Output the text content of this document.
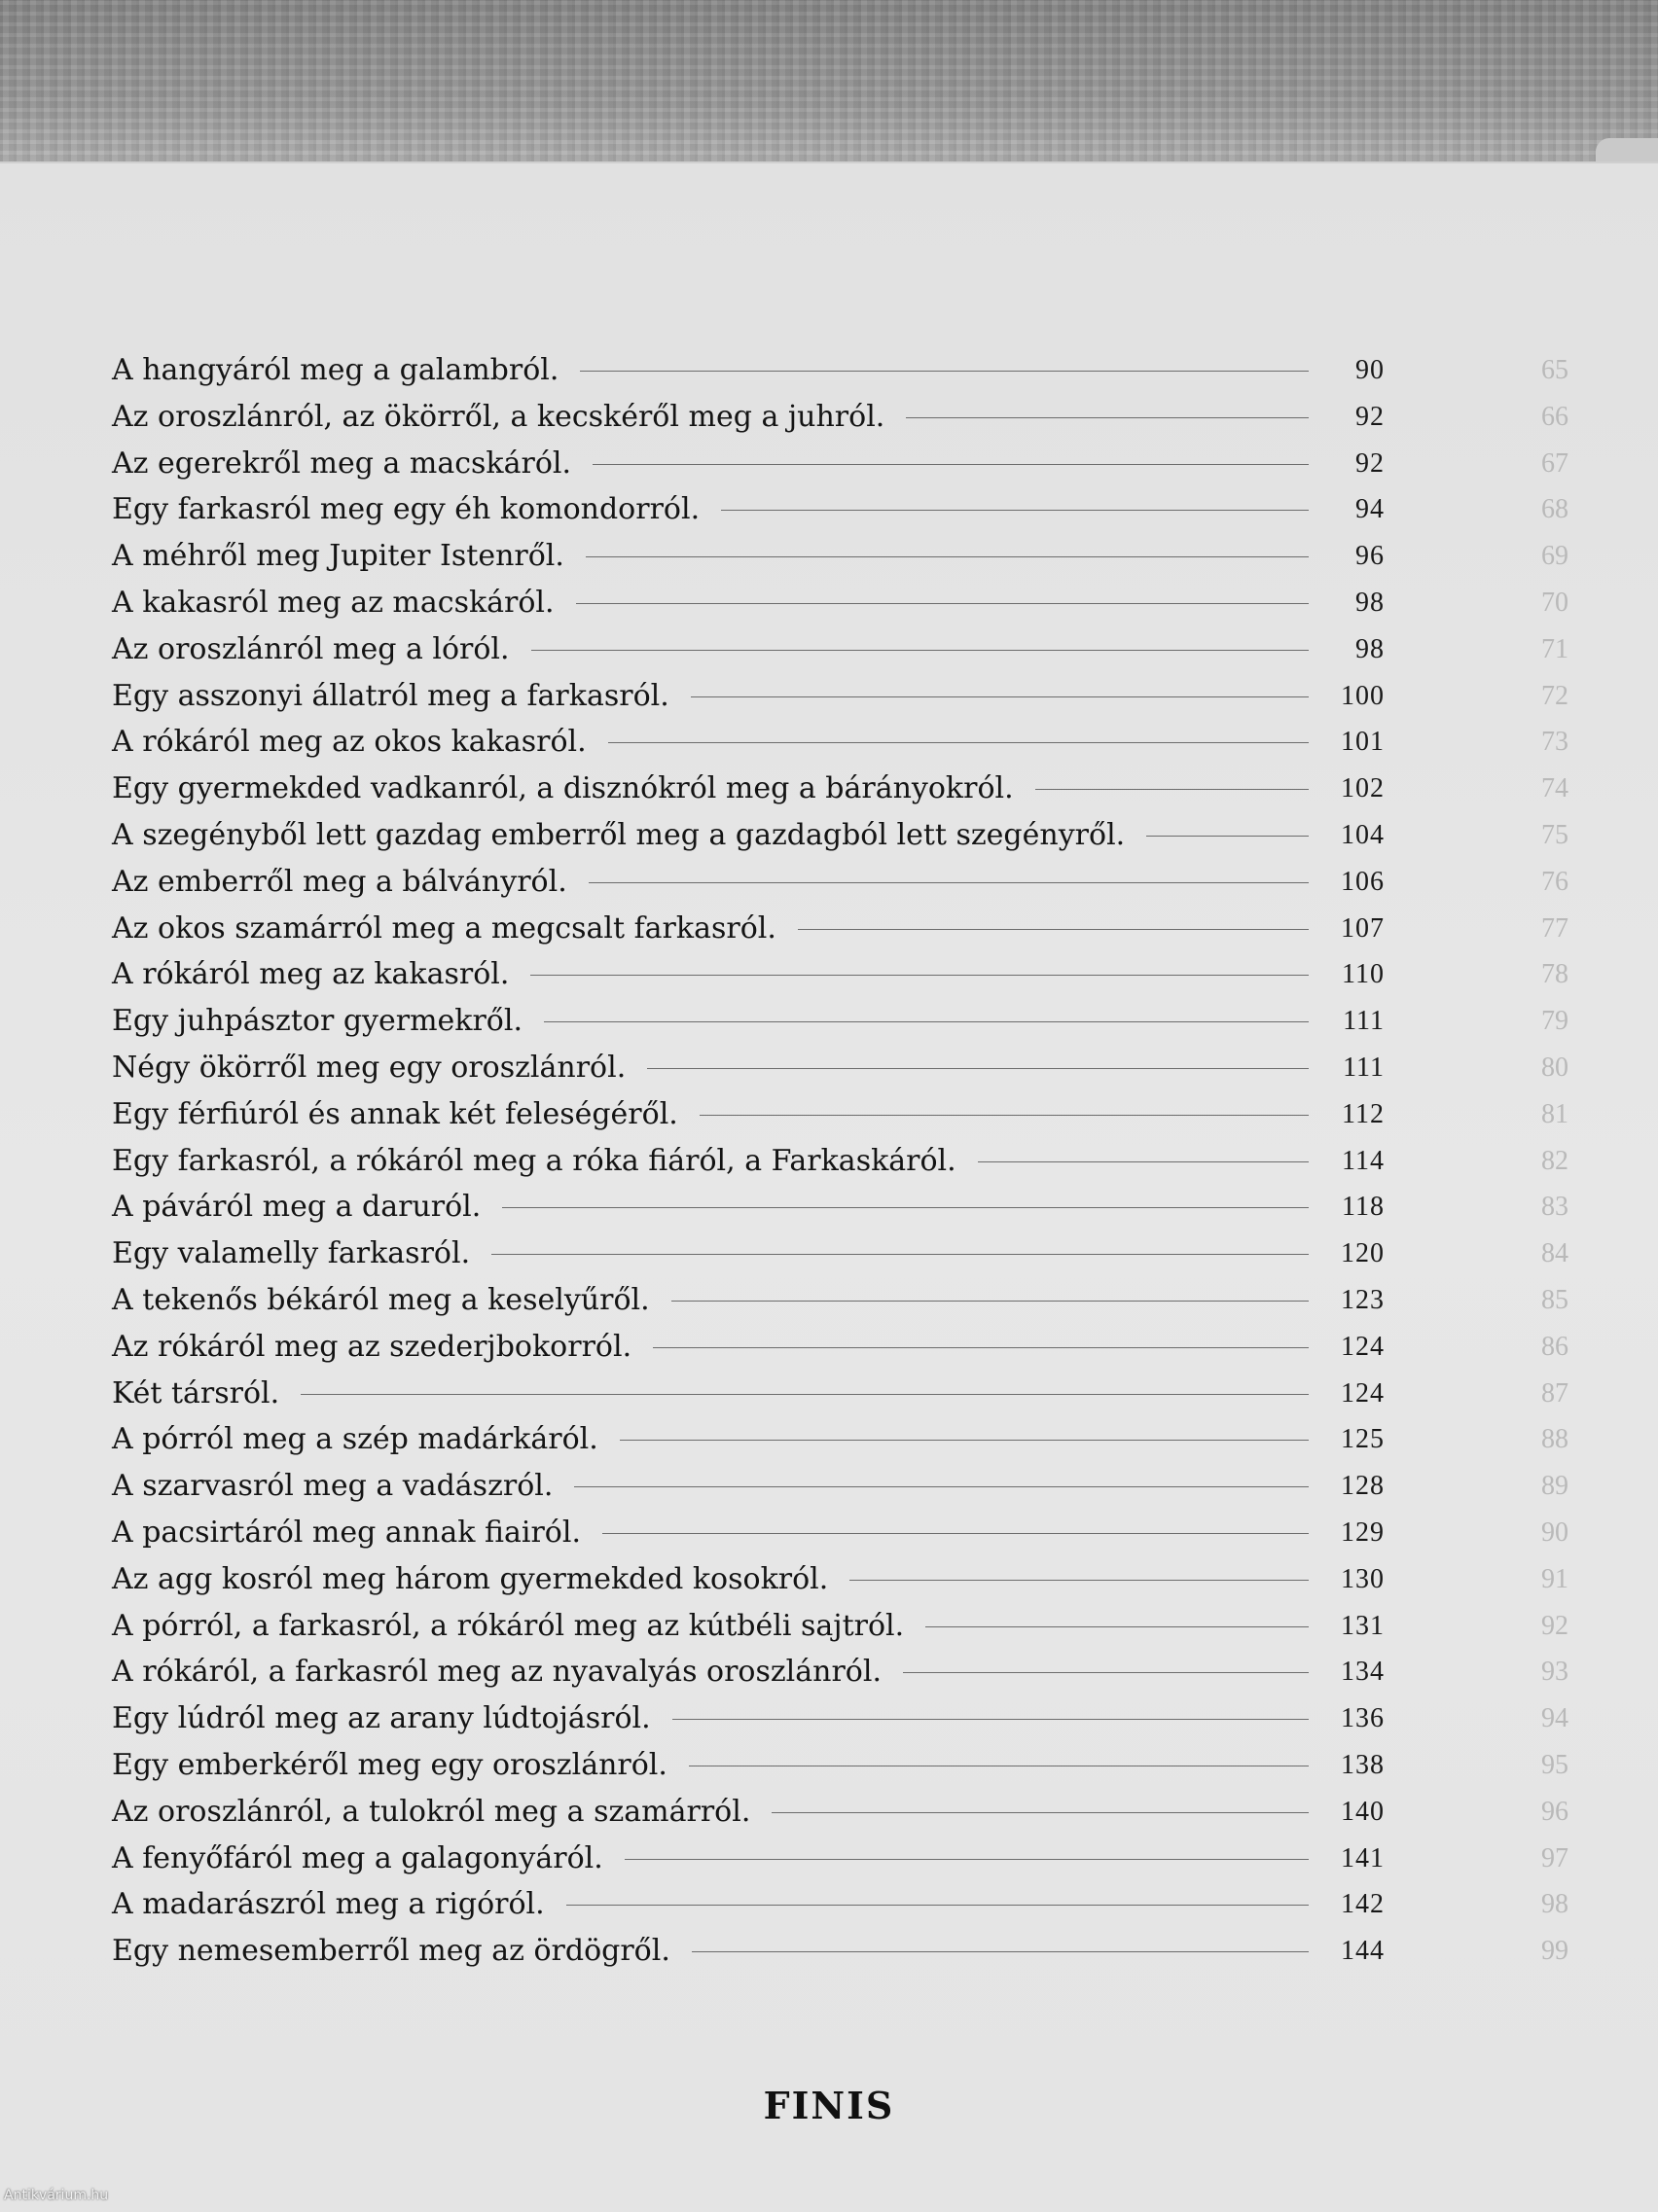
A hangyáról meg a galambról.	90	65
Az oroszlánról, az ökörről, a kecskéről meg a juhról.	92	66
Az egerekről meg a macskáról.	92	67
Egy farkasról meg egy éh komondorról.	94	68
A méhről meg Jupiter Istenről.	96	69
A kakasról meg az macskáról.	98	70
Az oroszlánról meg a lóról.	98	71
Egy asszonyi állatról meg a farkasról.	100	72
A rókáról meg az okos kakasról.	101	73
Egy gyermekded vadkanról, a disznókról meg a bárányokról.	102	74
A szegényből lett gazdag emberről meg a gazdagból lett szegényről.	104	75
Az emberről meg a bálványról.	106	76
Az okos szamárról meg a megcsalt farkasról.	107	77
A rókáról meg az kakasról.	110	78
Egy juhpásztor gyermekről.	111	79
Négy ökörről meg egy oroszlánról.	111	80
Egy férfiúról és annak két feleségéről.	112	81
Egy farkasról, a rókáról meg a róka fiáról, a Farkaskáról.	114	82
A páváról meg a daruról.	118	83
Egy valamelly farkasról.	120	84
A tekenős békáról meg a keselyűről.	123	85
Az rókáról meg az szederjbokorról.	124	86
Két társról.	124	87
A pórról meg a szép madárkáról.	125	88
A szarvasról meg a vadászról.	128	89
A pacsirtáról meg annak fiairól.	129	90
Az agg kosról meg három gyermekded kosokról.	130	91
A pórról, a farkasról, a rókáról meg az kútbéli sajtról.	131	92
A rókáról, a farkasról meg az nyavalyás oroszlánról.	134	93
Egy lúdról meg az arany lúdtojásról.	136	94
Egy emberkéről meg egy oroszlánról.	138	95
Az oroszlánról, a tulokról meg a szamárról.	140	96
A fenyőfáról meg a galagonyáról.	141	97
A madarászról meg a rigóról.	142	98
Egy nemesemberről meg az ördögről.	144	99
FINIS
Antikvárium.hu
